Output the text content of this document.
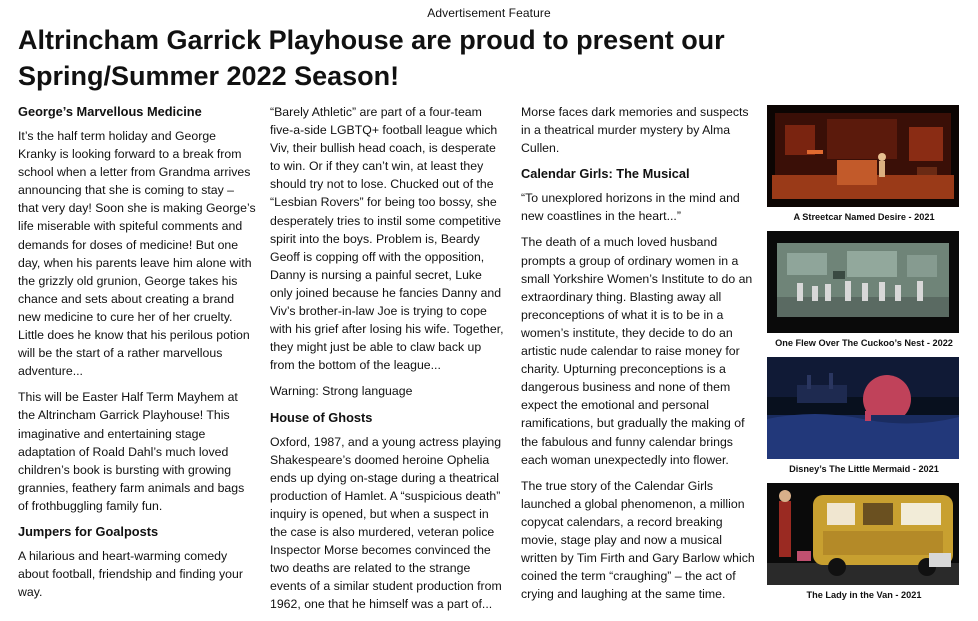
Advertisement Feature
Altrincham Garrick Playhouse are proud to present our
Spring/Summer 2022 Season!
George’s Marvellous Medicine

It’s the half term holiday and George Kranky is looking forward to a break from school when a letter from Grandma arrives announcing that she is coming to stay – that very day! Soon she is making George’s life miserable with spiteful comments and demands for doses of medicine! But one day, when his parents leave him alone with the grizzly old grunion, George takes his chance and sets about creating a brand new medicine to cure her of her cruelty. Little does he know that his perilous potion will be the start of a rather marvellous adventure...

This will be Easter Half Term Mayhem at the Altrincham Garrick Playhouse! This imaginative and entertaining stage adaptation of Roald Dahl’s much loved children’s book is bursting with growing grannies, feathery farm animals and bags of frothbuggling family fun.

Jumpers for Goalposts

A hilarious and heart-warming comedy about football, friendship and finding your way.

“Barely Athletic” are part of a four-team five-a-side LGBTQ+ football league which Viv, their bullish head coach, is desperate to win. Or if they can’t win, at least they should try not to lose. Chucked out of the “Lesbian Rovers” for being too bossy, she desperately tries to instil some competitive spirit into the boys. Problem is, Beardy Geoff is copping off with the opposition, Danny is nursing a painful secret, Luke only joined because he fancies Danny and Viv’s brother-in-law Joe is trying to cope with his grief after losing his wife. Together, they might just be able to claw back up from the bottom of the league...

Warning: Strong language

House of Ghosts

Oxford, 1987, and a young actress playing Shakespeare’s doomed heroine Ophelia ends up dying on-stage during a theatrical production of Hamlet. A “suspicious death” inquiry is opened, but when a suspect in the case is also murdered, veteran police Inspector Morse becomes convinced the two deaths are related to the strange events of a similar student production from 1962, one that he himself was a part of...

Morse faces dark memories and suspects in a theatrical murder mystery by Alma Cullen.

Calendar Girls: The Musical

“To unexplored horizons in the mind and new coastlines in the heart...”

The death of a much loved husband prompts a group of ordinary women in a small Yorkshire Women’s Institute to do an extraordinary thing. Blasting away all preconceptions of what it is to be in a women’s institute, they decide to do an artistic nude calendar to raise money for charity. Upturning preconceptions is a dangerous business and none of them expect the emotional and personal ramifications, but gradually the making of the fabulous and funny calendar brings each woman unexpectedly into flower.

The true story of the Calendar Girls launched a global phenomenon, a million copycat calendars, a record breaking movie, stage play and now a musical written by Tim Firth and Gary Barlow which coined the term “craughing” – the act of crying and laughing at the same time.

A Streetcar Named Desire - 2021

One Flew Over The Cuckoo’s Nest - 2022

Disney’s The Little Mermaid - 2021

The Lady in the Van - 2021
